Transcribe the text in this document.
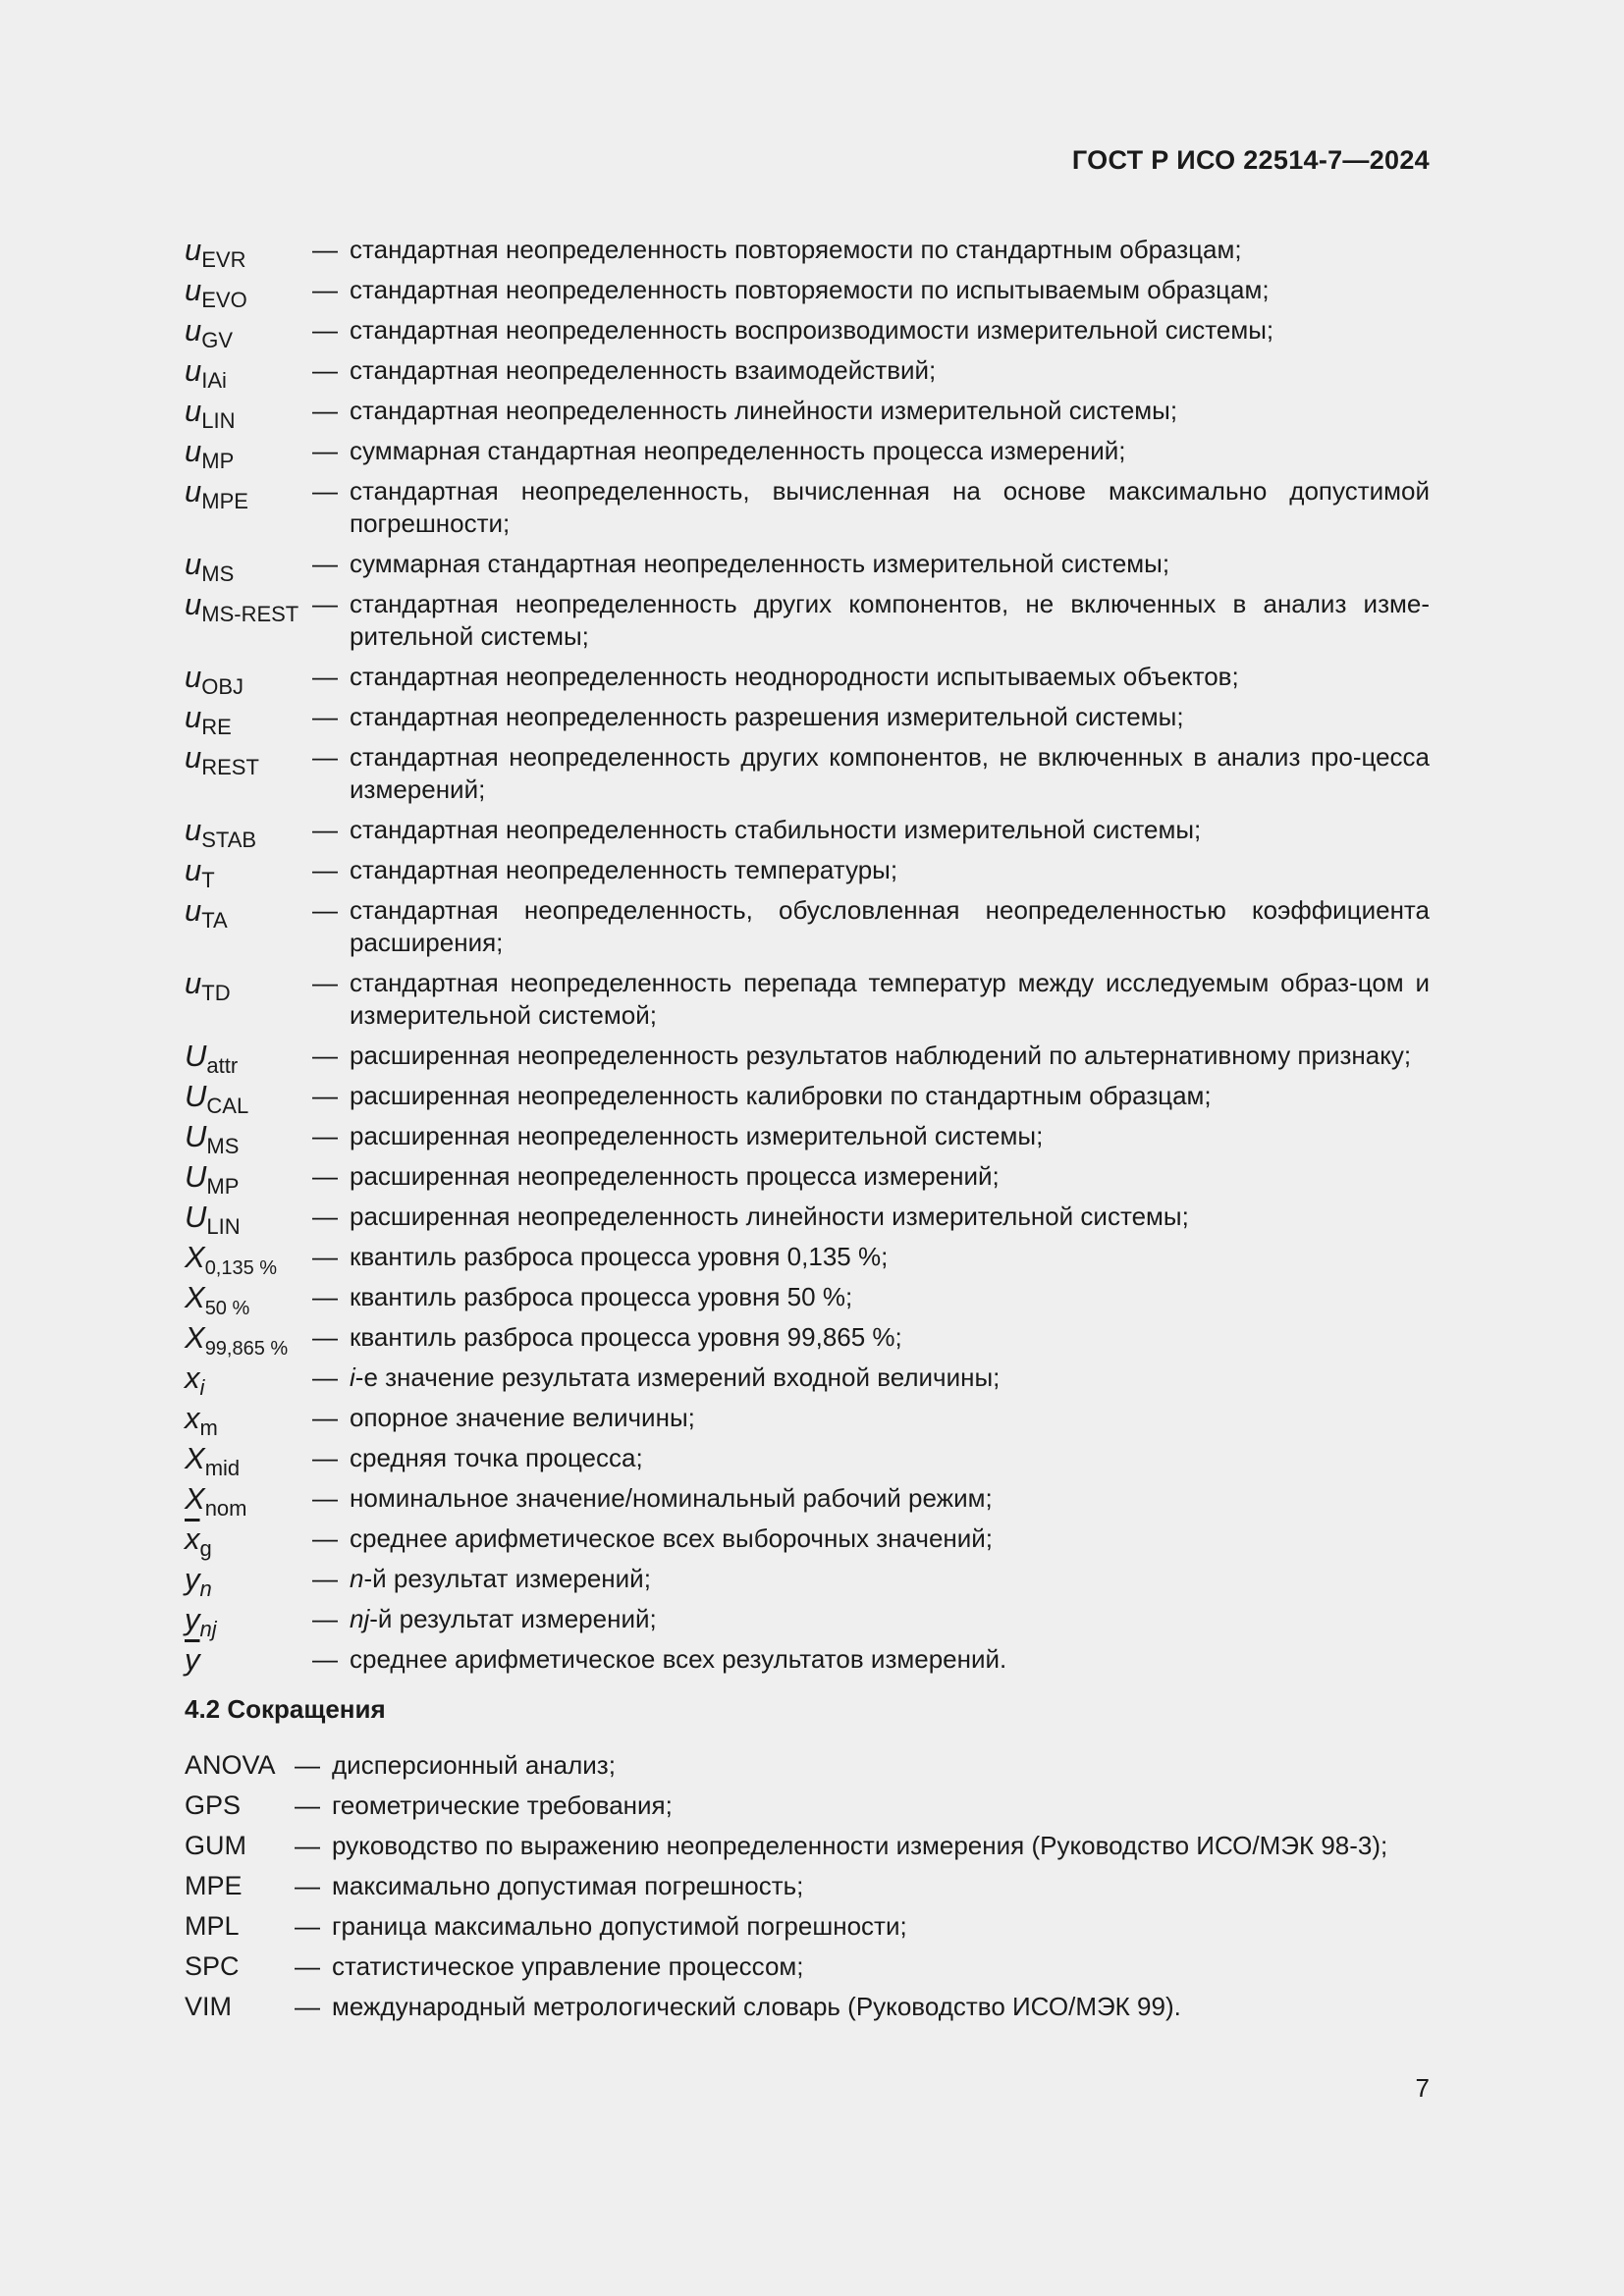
ГОСТ Р ИСО 22514-7—2024
$u_{EVR}$	— стандартная неопределенность повторяемости по стандартным образцам;
$u_{EVO}$	— стандартная неопределенность повторяемости по испытываемым образцам;
$u_{GV}$	— стандартная неопределенность воспроизводимости измерительной системы;
$u_{IAi}$	— стандартная неопределенность взаимодействий;
$u_{LIN}$	— стандартная неопределенность линейности измерительной системы;
$u_{MP}$	— суммарная стандартная неопределенность процесса измерений;
$u_{MPE}$	— стандартная неопределенность, вычисленная на основе максимально допустимой погрешности;
$u_{MS}$	— суммарная стандартная неопределенность измерительной системы;
$u_{MS-REST}$ — стандартная неопределенность других компонентов, не включенных в анализ изме-рительной системы;
$u_{OBJ}$	— стандартная неопределенность неоднородности испытываемых объектов;
$u_{RE}$	— стандартная неопределенность разрешения измерительной системы;
$u_{REST}$	— стандартная неопределенность других компонентов, не включенных в анализ про-цесса измерений;
$u_{STAB}$	— стандартная неопределенность стабильности измерительной системы;
$u_T$	— стандартная неопределенность температуры;
$u_{TA}$	— стандартная неопределенность, обусловленная неопределенностью коэффициента расширения;
$u_{TD}$	— стандартная неопределенность перепада температур между исследуемым образ-цом и измерительной системой;
$U_{attr}$	— расширенная неопределенность результатов наблюдений по альтернативному признаку;
$U_{CAL}$	— расширенная неопределенность калибровки по стандартным образцам;
$U_{MS}$	— расширенная неопределенность измерительной системы;
$U_{MP}$	— расширенная неопределенность процесса измерений;
$U_{LIN}$	— расширенная неопределенность линейности измерительной системы;
$X_{0,135 \%}$	— квантиль разброса процесса уровня 0,135 %;
$X_{50 \%}$	— квантиль разброса процесса уровня 50 %;
$X_{99,865 \%}$ — квантиль разброса процесса уровня 99,865 %;
$x_i$	— i-е значение результата измерений входной величины;
$x_m$	— опорное значение величины;
$X_{mid}$	— средняя точка процесса;
$X_{nom}$	— номинальное значение/номинальный рабочий режим;
$\overline{x}_g$	— среднее арифметическое всех выборочных значений;
$y_n$	— n-й результат измерений;
$y_{nj}$	— nj-й результат измерений;
$\overline{y}$	— среднее арифметическое всех результатов измерений.
4.2 Сокращения
ANOVA — дисперсионный анализ;
GPS	— геометрические требования;
GUM	— руководство по выражению неопределенности измерения (Руководство ИСО/МЭК 98-3);
MPE	— максимально допустимая погрешность;
MPL	— граница максимально допустимой погрешности;
SPC	— статистическое управление процессом;
VIM	— международный метрологический словарь (Руководство ИСО/МЭК 99).
7
